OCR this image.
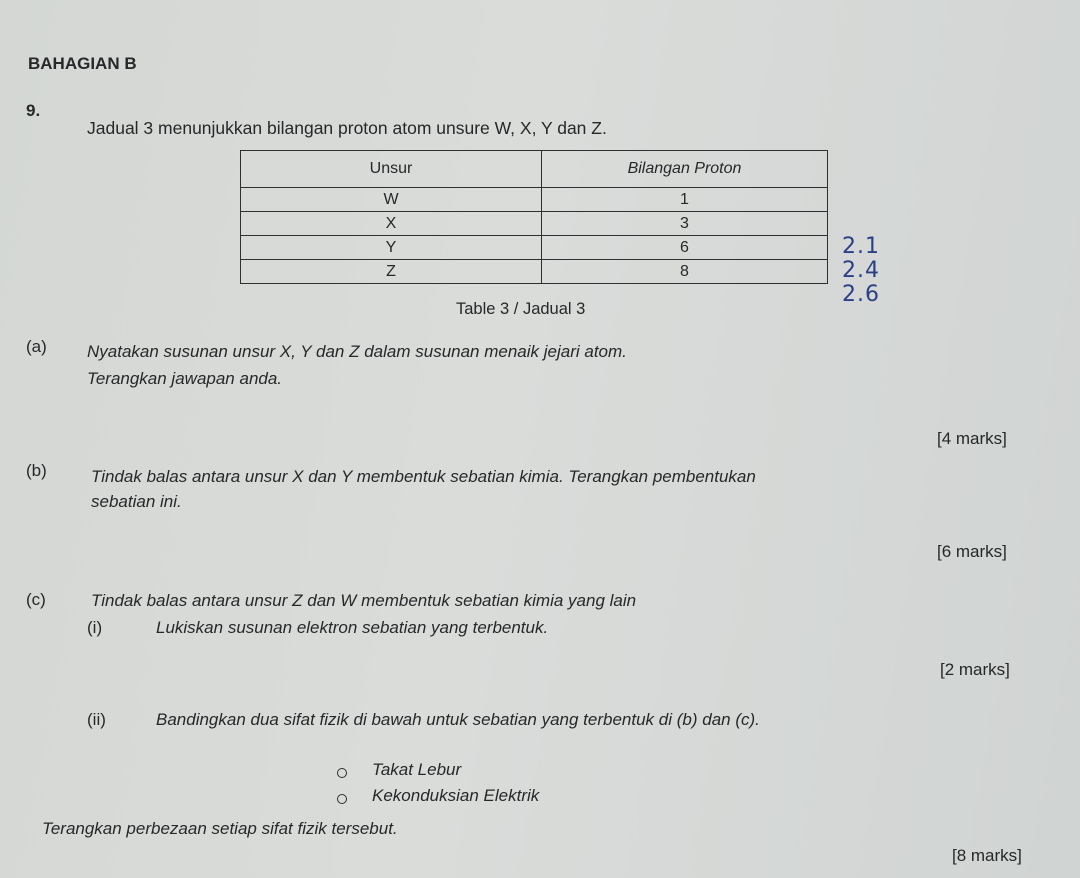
BAHAGIAN B
9.
Jadual 3 menunjukkan bilangan proton atom unsure W, X, Y dan Z.
Unsur	Bilangan Proton
W	1
X	3
Y	6
Z	8
Table 3 / Jadual 3
2.1
2.4
2.6
(a) Nyatakan susunan unsur X, Y dan Z dalam susunan menaik jejari atom.
Terangkan jawapan anda.
[4 marks]
(b)	Tindak balas antara unsur X dan Y membentuk sebatian kimia. Terangkan pembentukan
sebatian ini.
[6 marks]
(c)	Tindak balas antara unsur Z dan W membentuk sebatian kimia yang lain
(i)	Lukiskan susunan elektron sebatian yang terbentuk.
[2 marks]
(ii)	Bandingkan dua sifat fizik di bawah untuk sebatian yang terbentuk di (b) dan (c).
Takat Lebur
Kekonduksian Elektrik
Terangkan perbezaan setiap sifat fizik tersebut.
[8 marks]
